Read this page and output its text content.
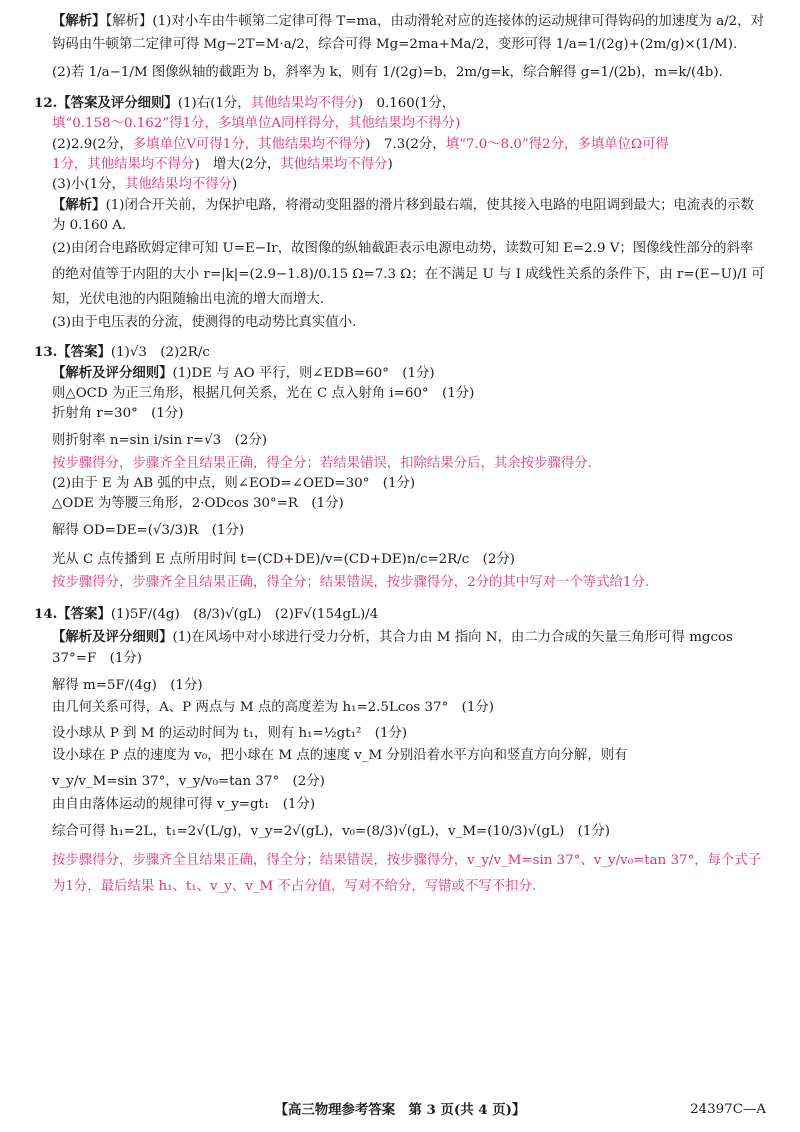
【解析】【解析】(1)对小车由牛顿第二定律可得 T=ma，由动滑轮对应的连接体的运动规律可得钩码的加速度为 a/2，对钩码由牛顿第二定律可得 Mg−2T=M·a/2，综合可得 Mg=2ma+Ma/2，变形可得 1/a=1/(2g)+(2m/g)×(1/M).

(2)若 1/a−1/M 图像纵轴的截距为 b，斜率为 k，则有 1/(2g)=b，2m/g=k，综合解得 g=1/(2b)，m=k/(4b).

12.【答案及评分细则】(1)右(1分，其他结果均不得分)　0.160(1分，

填“0.158～0.162”得1分，多填单位A同样得分，其他结果均不得分)

(2)2.9(2分，多填单位V可得1分，其他结果均不得分)　7.3(2分，填“7.0～8.0”得2分，多填单位Ω可得

1分，其他结果均不得分)　增大(2分，其他结果均不得分)

(3)小(1分，其他结果均不得分)

【解析】(1)闭合开关前，为保护电路，将滑动变阻器的滑片移到最右端，使其接入电路的电阻调到最大；电流表的示数为 0.160 A.

(2)由闭合电路欧姆定律可知 U=E−Ir，故图像的纵轴截距表示电源电动势，读数可知 E=2.9 V；图像线性部分的斜率的绝对值等于内阻的大小 r=|k|=(2.9−1.8)/0.15 Ω=7.3 Ω；在不满足 U 与 I 成线性关系的条件下，由 r=(E−U)/I 可知，光伏电池的内阻随输出电流的增大而增大.

(3)由于电压表的分流，使测得的电动势比真实值小.

13.【答案】(1)√3　(2)2R/c

【解析及评分细则】(1)DE 与 AO 平行，则∠EDB=60°　(1分)

则△OCD 为正三角形，根据几何关系，光在 C 点入射角 i=60°　(1分)

折射角 r=30°　(1分)

则折射率 n=sin i/sin r=√3　(2分)

按步骤得分，步骤齐全且结果正确，得全分；若结果错误，扣除结果分后，其余按步骤得分.

(2)由于 E 为 AB 弧的中点，则∠EOD=∠OED=30°　(1分)

△ODE 为等腰三角形，2·ODcos 30°=R　(1分)

解得 OD=DE=(√3/3)R　(1分)

光从 C 点传播到 E 点所用时间 t=(CD+DE)/v=(CD+DE)n/c=2R/c　(2分)

按步骤得分，步骤齐全且结果正确，得全分；结果错误，按步骤得分，2分的其中写对一个等式给1分.

14.【答案】(1)5F/(4g)　(8/3)√(gL)　(2)F√(154gL)/4

【解析及评分细则】(1)在风场中对小球进行受力分析，其合力由 M 指向 N，由二力合成的矢量三角形可得 mgcos 37°=F　(1分)

解得 m=5F/(4g)　(1分)

由几何关系可得，A、P 两点与 M 点的高度差为 h₁=2.5Lcos 37°　(1分)

设小球从 P 到 M 的运动时间为 t₁，则有 h₁=½gt₁²　(1分)

设小球在 P 点的速度为 v₀，把小球在 M 点的速度 v_M 分别沿着水平方向和竖直方向分解，则有

v_y/v_M=sin 37°，v_y/v₀=tan 37°　(2分)

由自由落体运动的规律可得 v_y=gt₁　(1分)

综合可得 h₁=2L，t₁=2√(L/g)，v_y=2√(gL)，v₀=(8/3)√(gL)，v_M=(10/3)√(gL)　(1分)

按步骤得分，步骤齐全且结果正确，得全分；结果错误，按步骤得分，v_y/v_M=sin 37°、v_y/v₀=tan 37°，每个式子为1分，最后结果 h₁、t₁、v_y、v_M 不占分值，写对不给分，写错或不写不扣分.

【高三物理参考答案　第 3 页(共 4 页)】	24397C—A
